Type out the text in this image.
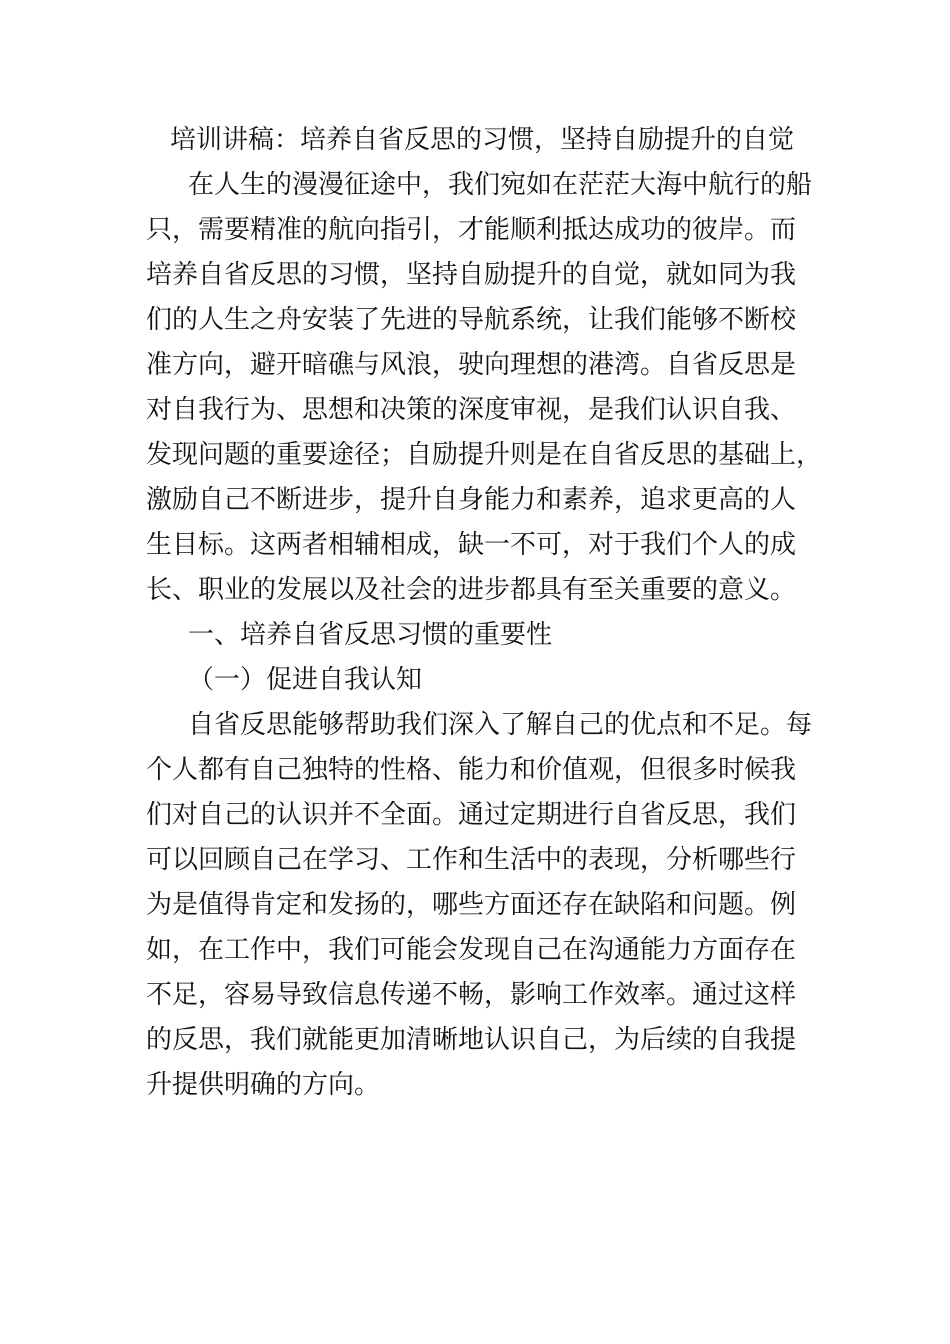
培训讲稿：培养自省反思的习惯，坚持自励提升的自觉
在人生的漫漫征途中，我们宛如在茫茫大海中航行的船
只，需要精准的航向指引，才能顺利抵达成功的彼岸。而
培养自省反思的习惯，坚持自励提升的自觉，就如同为我
们的人生之舟安装了先进的导航系统，让我们能够不断校
准方向，避开暗礁与风浪，驶向理想的港湾。自省反思是
对自我行为、思想和决策的深度审视，是我们认识自我、
发现问题的重要途径；自励提升则是在自省反思的基础上，
激励自己不断进步，提升自身能力和素养，追求更高的人
生目标。这两者相辅相成，缺一不可，对于我们个人的成
长、职业的发展以及社会的进步都具有至关重要的意义。
一、培养自省反思习惯的重要性
（一）促进自我认知
自省反思能够帮助我们深入了解自己的优点和不足。每
个人都有自己独特的性格、能力和价值观，但很多时候我
们对自己的认识并不全面。通过定期进行自省反思，我们
可以回顾自己在学习、工作和生活中的表现，分析哪些行
为是值得肯定和发扬的，哪些方面还存在缺陷和问题。例
如，在工作中，我们可能会发现自己在沟通能力方面存在
不足，容易导致信息传递不畅，影响工作效率。通过这样
的反思，我们就能更加清晰地认识自己，为后续的自我提
升提供明确的方向。
